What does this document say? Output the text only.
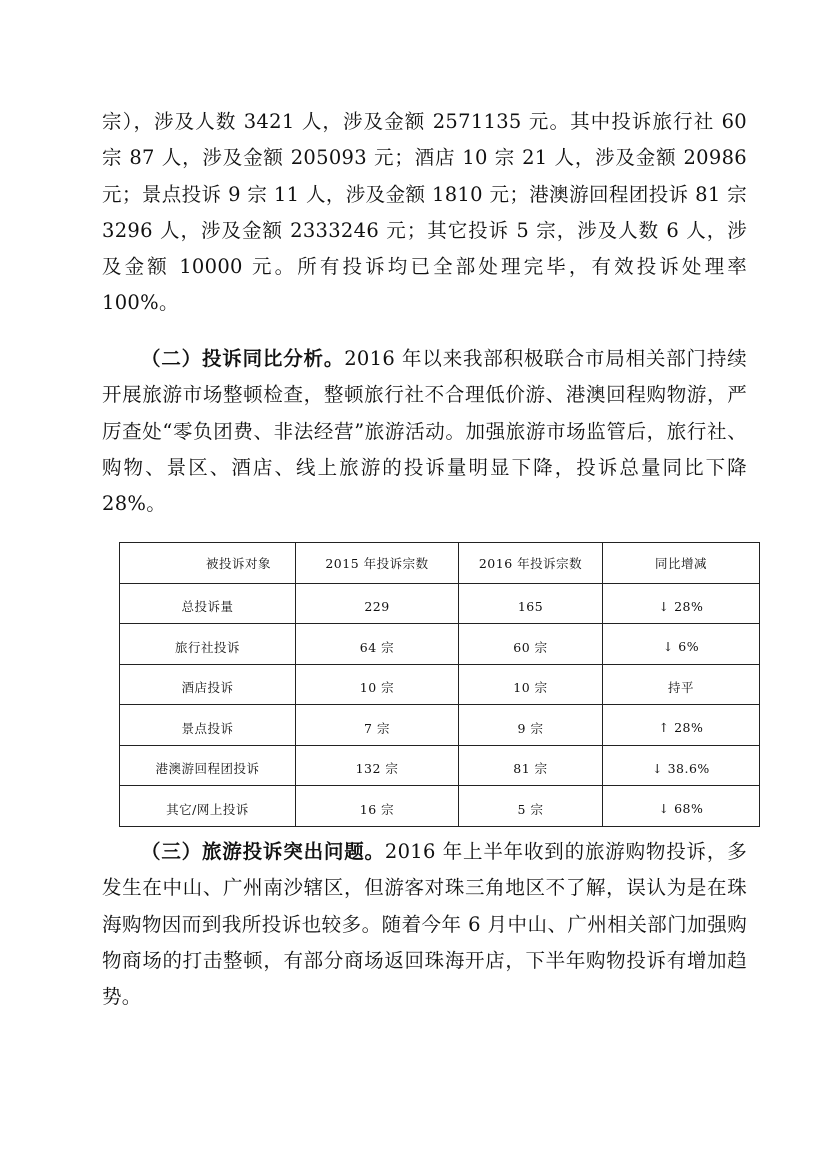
宗），涉及人数 3421 人，涉及金额 2571135 元。其中投诉旅行社 60 宗 87 人，涉及金额 205093 元；酒店 10 宗 21 人，涉及金额 20986 元；景点投诉 9 宗 11 人，涉及金额 1810 元；港澳游回程团投诉 81 宗 3296 人，涉及金额 2333246 元；其它投诉 5 宗，涉及人数 6 人，涉及金额 10000 元。所有投诉均已全部处理完毕，有效投诉处理率 100%。

（二）投诉同比分析。2016 年以来我部积极联合市局相关部门持续开展旅游市场整顿检查，整顿旅行社不合理低价游、港澳回程购物游，严厉查处“零负团费、非法经营”旅游活动。加强旅游市场监管后，旅行社、购物、景区、酒店、线上旅游的投诉量明显下降，投诉总量同比下降 28%。

被投诉对象	2015 年投诉宗数	2016 年投诉宗数	同比增减
总投诉量	229	165	↓ 28%
旅行社投诉	64 宗	60 宗	↓ 6%
酒店投诉	10 宗	10 宗	持平
景点投诉	7 宗	9 宗	↑ 28%
港澳游回程团投诉	132 宗	81 宗	↓ 38.6%
其它/网上投诉	16 宗	5 宗	↓ 68%

（三）旅游投诉突出问题。2016 年上半年收到的旅游购物投诉，多发生在中山、广州南沙辖区，但游客对珠三角地区不了解，误认为是在珠海购物因而到我所投诉也较多。随着今年 6 月中山、广州相关部门加强购物商场的打击整顿，有部分商场返回珠海开店，下半年购物投诉有增加趋势。
